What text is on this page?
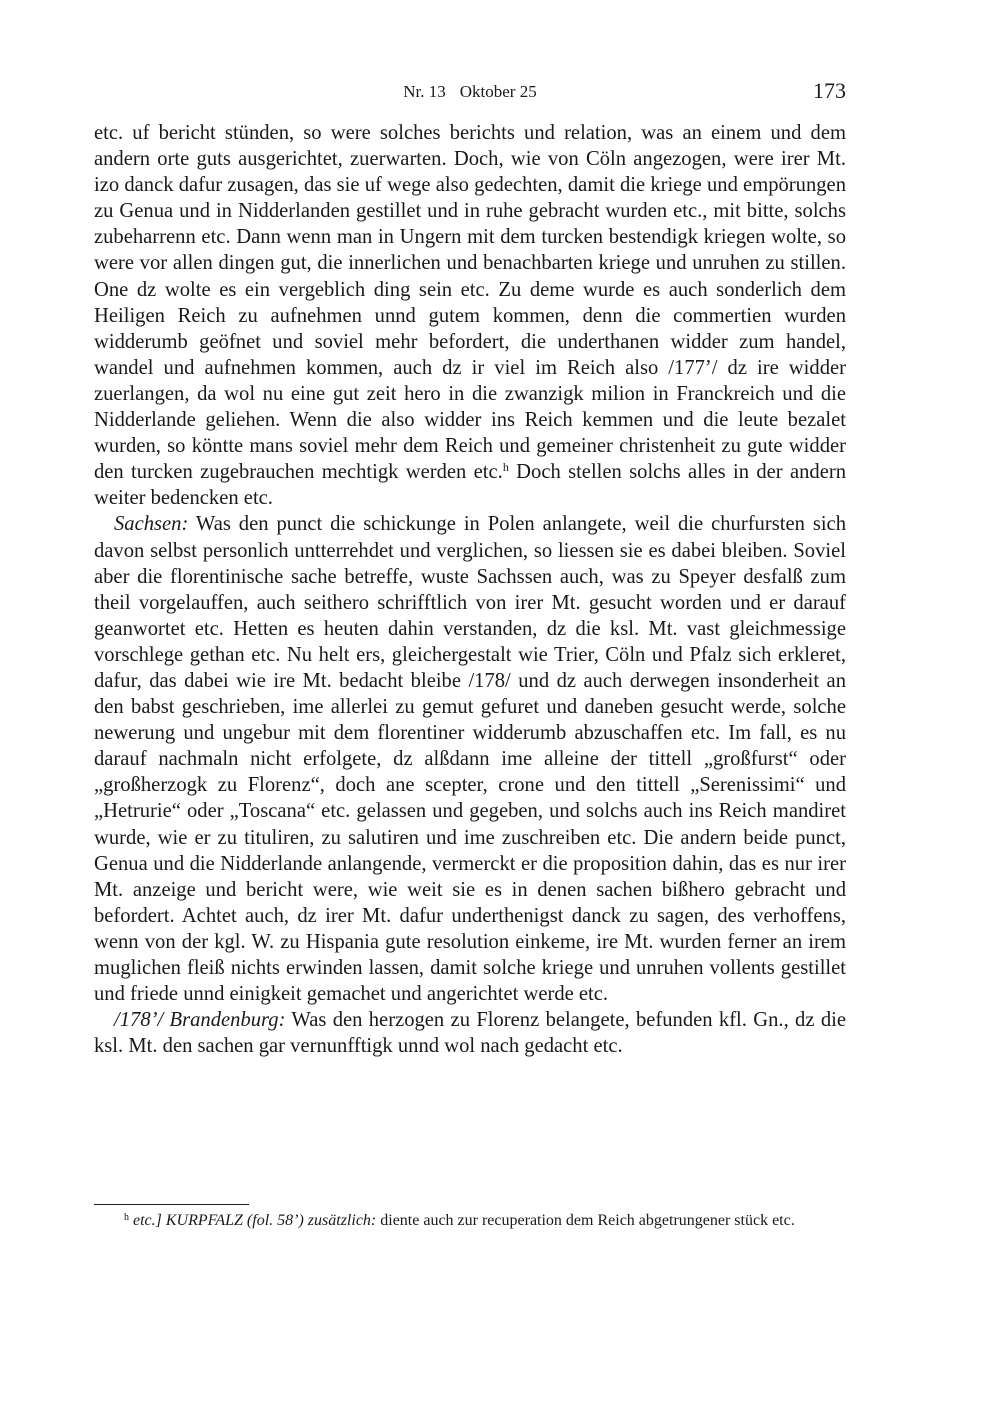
Nr. 13 Oktober 25	173

etc. uf bericht stünden, so were solches berichts und relation, was an einem und dem andern orte guts ausgerichtet, zuerwarten. Doch, wie von Cöln angezogen, were irer Mt. izo danck dafur zusagen, das sie uf wege also gedechten, damit die kriege und empörungen zu Genua und in Nidderlanden gestillet und in ruhe gebracht wurden etc., mit bitte, solchs zubeharrenn etc. Dann wenn man in Ungern mit dem turcken bestendigk kriegen wolte, so were vor allen dingen gut, die innerlichen und benachbarten kriege und unruhen zu stillen. One dz wolte es ein vergeblich ding sein etc. Zu deme wurde es auch sonderlich dem Heiligen Reich zu aufnehmen unnd gutem kommen, denn die commertien wurden widderumb geöfnet und soviel mehr befordert, die underthanen widder zum handel, wandel und aufnehmen kommen, auch dz ir viel im Reich also /177’/ dz ire widder zuerlangen, da wol nu eine gut zeit hero in die zwanzigk milion in Franckreich und die Nidderlande geliehen. Wenn die also widder ins Reich kemmen und die leute bezalet wurden, so köntte mans soviel mehr dem Reich und gemeiner christenheit zu gute widder den turcken zugebrauchen mechtigk werden etc.$^h$ Doch stellen solchs alles in der andern weiter bedencken etc.

Sachsen: Was den punct die schickunge in Polen anlangete, weil die churfursten sich davon selbst personlich untterrehdet und verglichen, so liessen sie es dabei bleiben. Soviel aber die florentinische sache betreffe, wuste Sachssen auch, was zu Speyer desfalß zum theil vorgelauffen, auch seithero schrifftlich von irer Mt. gesucht worden und er darauf geanwortet etc. Hetten es heuten dahin verstanden, dz die ksl. Mt. vast gleichmessige vorschlege gethan etc. Nu helt ers, gleichergestalt wie Trier, Cöln und Pfalz sich erkleret, dafur, das dabei wie ire Mt. bedacht bleibe /178/ und dz auch derwegen insonderheit an den babst geschrieben, ime allerlei zu gemut gefuret und daneben gesucht werde, solche newerung und ungebur mit dem florentiner widderumb abzuschaffen etc. Im fall, es nu darauf nachmaln nicht erfolgete, dz alßdann ime alleine der tittell „großfurst“ oder „großherzogk zu Florenz“, doch ane scepter, crone und den tittell „Serenissimi“ und „Hetrurie“ oder „Toscana“ etc. gelassen und gegeben, und solchs auch ins Reich mandiret wurde, wie er zu tituliren, zu salutiren und ime zuschreiben etc. Die andern beide punct, Genua und die Nidderlande anlangende, vermerckt er die proposition dahin, das es nur irer Mt. anzeige und bericht were, wie weit sie es in denen sachen bißhero gebracht und befordert. Achtet auch, dz irer Mt. dafur underthenigst danck zu sagen, des verhoffens, wenn von der kgl. W. zu Hispania gute resolution einkeme, ire Mt. wurden ferner an irem muglichen fleiß nichts erwinden lassen, damit solche kriege und unruhen vollents gestillet und friede unnd einigkeit gemachet und angerichtet werde etc.

/178’/ Brandenburg: Was den herzogen zu Florenz belangete, befunden kfl. Gn., dz die ksl. Mt. den sachen gar vernunfftigk unnd wol nach gedacht etc.

$^h$ etc.] KURPFALZ (fol. 58’) zusätzlich: diente auch zur recuperation dem Reich abgetrungener stück etc.
